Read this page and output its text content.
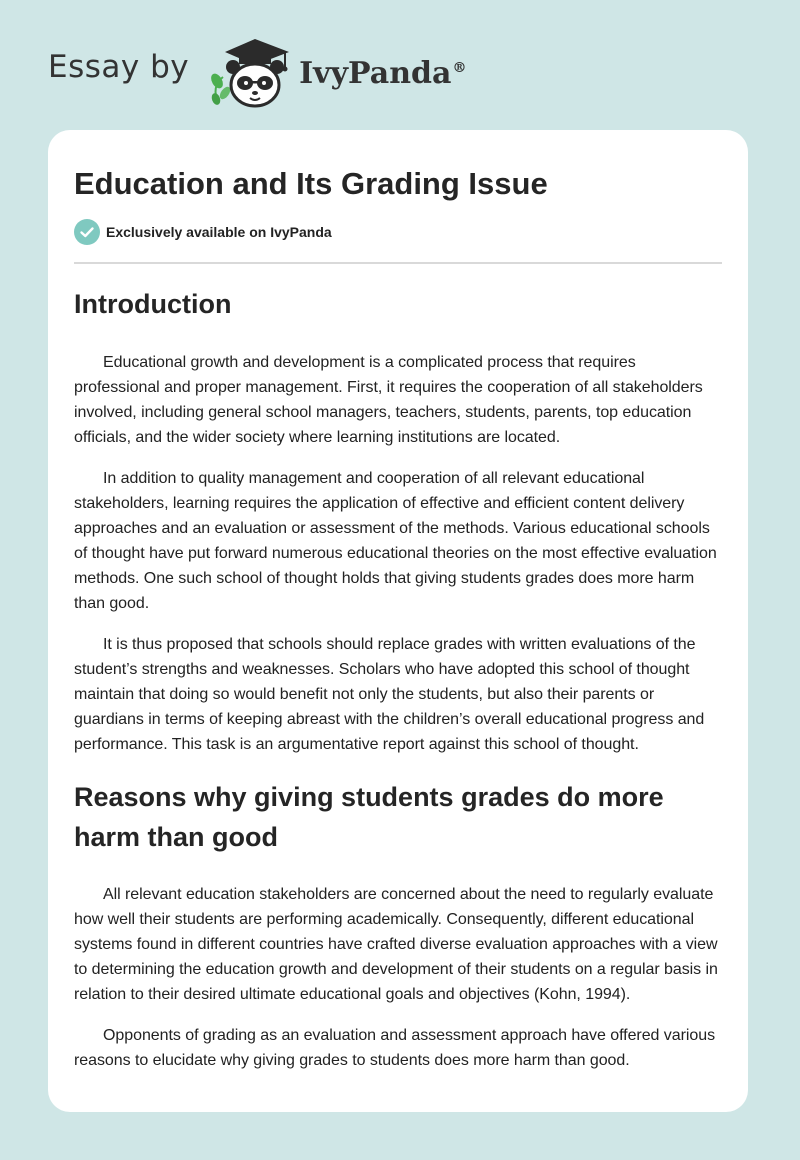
Essay by	IvyPanda®
Education and Its Grading Issue
Exclusively available on IvyPanda
Introduction

Educational growth and development is a complicated process that requires professional and proper management. First, it requires the cooperation of all stakeholders involved, including general school managers, teachers, students, parents, top education officials, and the wider society where learning institutions are located.

In addition to quality management and cooperation of all relevant educational stakeholders, learning requires the application of effective and efficient content delivery approaches and an evaluation or assessment of the methods. Various educational schools of thought have put forward numerous educational theories on the most effective evaluation methods. One such school of thought holds that giving students grades does more harm than good.

It is thus proposed that schools should replace grades with written evaluations of the student’s strengths and weaknesses. Scholars who have adopted this school of thought maintain that doing so would benefit not only the students, but also their parents or guardians in terms of keeping abreast with the children’s overall educational progress and performance. This task is an argumentative report against this school of thought.

Reasons why giving students grades do more harm than good

All relevant education stakeholders are concerned about the need to regularly evaluate how well their students are performing academically. Consequently, different educational systems found in different countries have crafted diverse evaluation approaches with a view to determining the education growth and development of their students on a regular basis in relation to their desired ultimate educational goals and objectives (Kohn, 1994).

Opponents of grading as an evaluation and assessment approach have offered various reasons to elucidate why giving grades to students does more harm than good.
